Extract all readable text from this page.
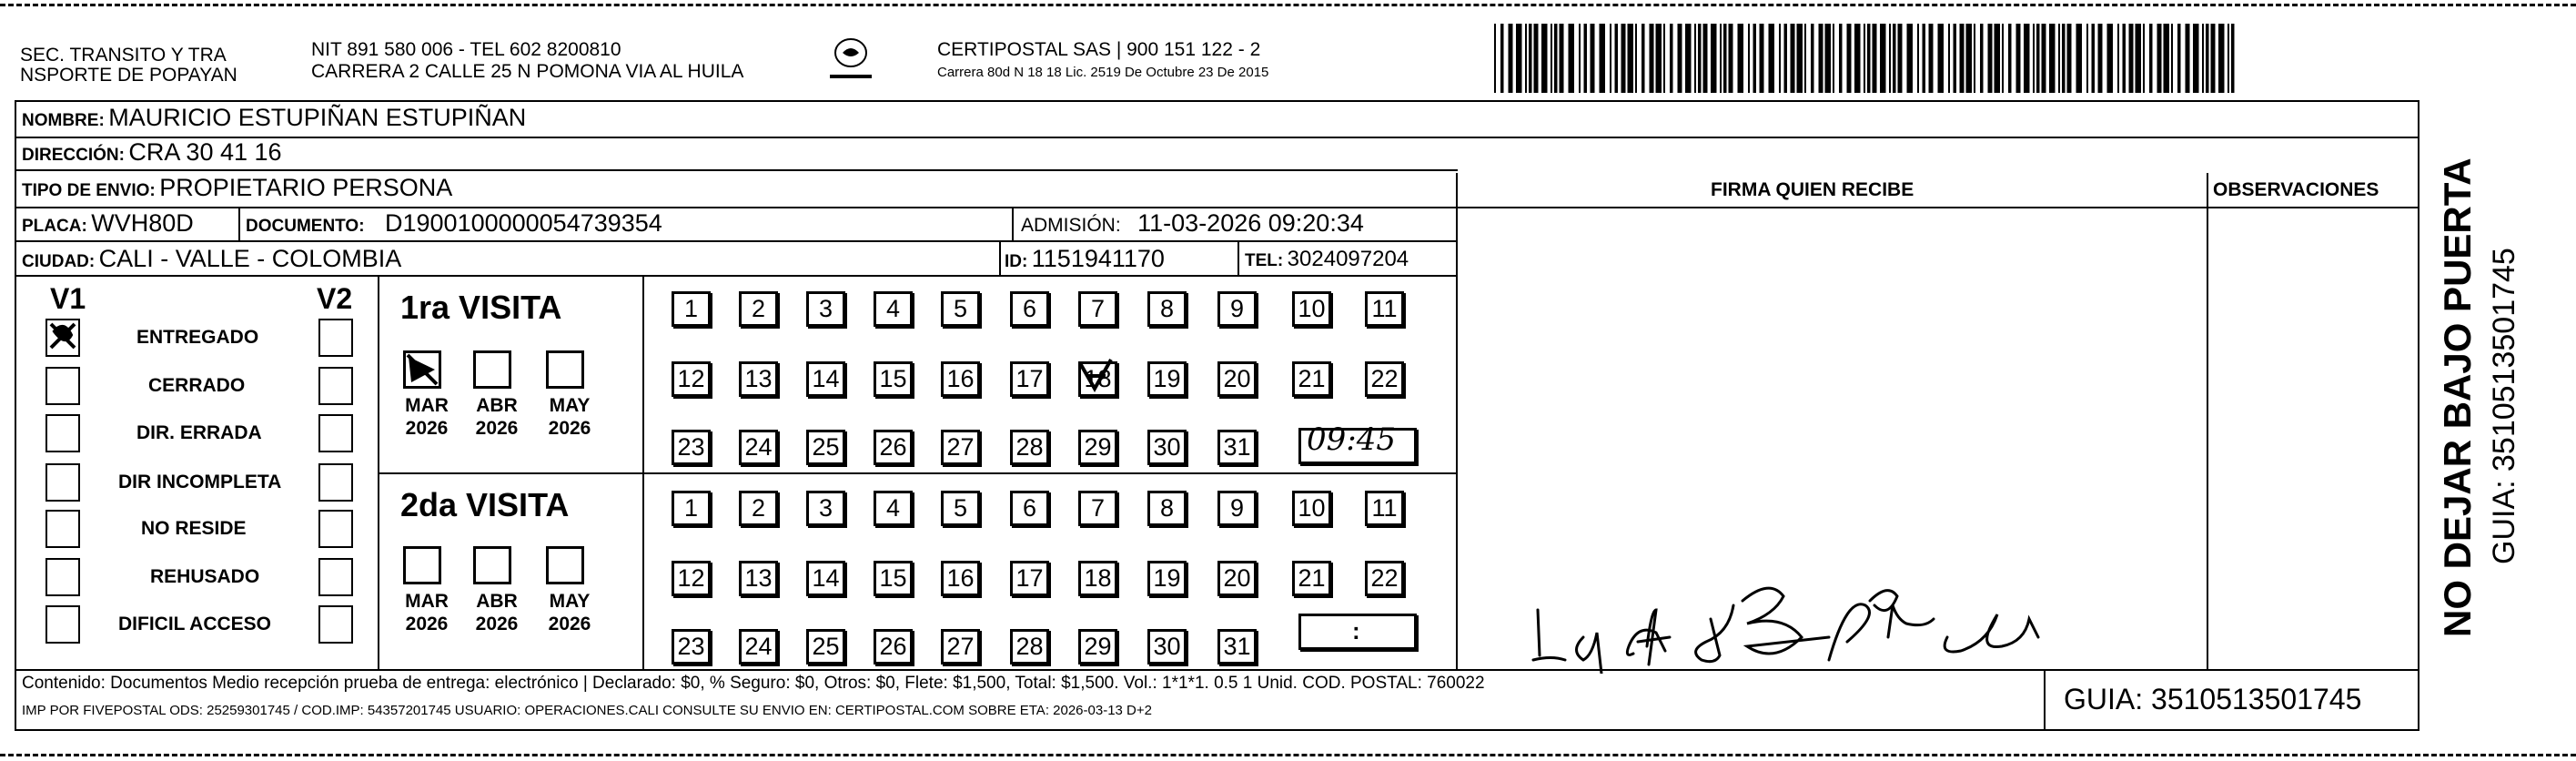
SEC. TRANSITO Y TRA
NSPORTE DE POPAYAN
NIT 891 580 006 - TEL 602 8200810
CARRERA 2 CALLE 25 N POMONA VIA AL HUILA
CERTIPOSTAL SAS | 900 151 122 - 2
Carrera 80d N 18 18 Lic. 2519 De Octubre 23 De 2015
NOMBRE: MAURICIO ESTUPIÑAN ESTUPIÑAN
DIRECCIÓN: CRA 30 41 16
TIPO DE ENVIO: PROPIETARIO PERSONA	FIRMA QUIEN RECIBE	OBSERVACIONES
PLACA: WVH80D	DOCUMENTO: D1900100000054739354	ADMISIÓN: 11-03-2026 09:20:34
CIUDAD: CALI - VALLE - COLOMBIA	ID: 1151941170	TEL: 3024097204
V1	V2
ENTREGADO
CERRADO
DIR. ERRADA
DIR INCOMPLETA
NO RESIDE
REHUSADO
DIFICIL ACCESO
1ra VISITA
2da VISITA
MAR
2026
ABR
2026
MAY
2026
MAR
2026
ABR
2026
MAY
2026
1	2	3	4	5	6	7	8	9	10 11
12 13 14 15 16 17 18 19 20 21 22
23 24 25 26 27 28 29 30 31
1	2	3	4	5	6	7	8	9	10 11
12 13 14 15 16 17 18 19 20 21 22
23 24 25 26 27 28 29 30 31
09:45
:	NO DEJAR BAJO PUERTA GUIA: 3510513501745
Contenido: Documentos Medio recepción prueba de entrega: electrónico | Declarado: $0, % Seguro: $0, Otros: $0, Flete: $1,500, Total: $1,500. Vol.: 1*1*1. 0.5 1 Unid. COD. POSTAL: 760022
IMP POR FIVEPOSTAL ODS: 25259301745 / COD.IMP: 54357201745 USUARIO: OPERACIONES.CALI CONSULTE SU ENVIO EN: CERTIPOSTAL.COM SOBRE ETA: 2026-03-13 D+2	GUIA: 3510513501745
